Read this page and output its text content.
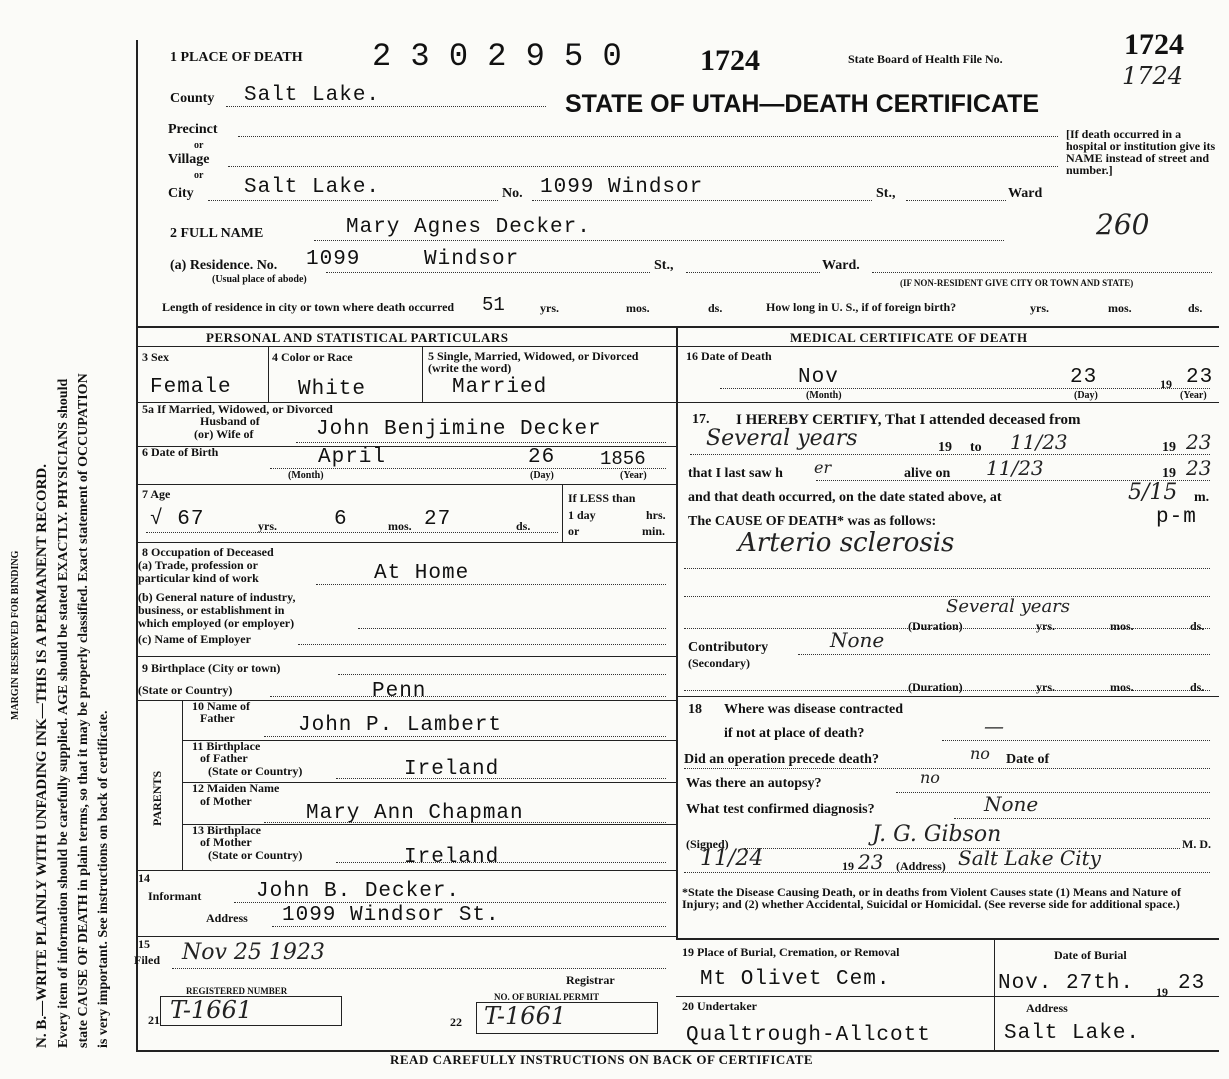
MARGIN RESERVED FOR BINDING N. B.—WRITE PLAINLY WITH UNFADING INK—THIS IS A PERMANENT RECORD. Every item of information should be carefully supplied. AGE should be stated EXACTLY. PHYSICIANS should state CAUSE OF DEATH in plain terms, so that it may be properly classified. Exact statement of OCCUPATION is very important. See instructions on back of certificate.
1 PLACE OF DEATH 2 3 0 2 9 5 0	1724	State Board of Health File No.	1724
1724
STATE OF UTAH—DEATH CERTIFICATE
[If death occurred in a hospital or institution give its NAME instead of street and number.]
260
County Salt Lake.
Precinct
or
Village
or
City Salt Lake.	No. 1099 Windsor	St.,	Ward
2 FULL NAME	Mary Agnes Decker.
(a) Residence. No.
(Usual place of abode)
1099	Windsor	St.,	Ward.
(IF NON-RESIDENT GIVE CITY OR TOWN AND STATE)
Length of residence in city or town where death occurred 51	yrs.	mos.	ds.	How long in U. S., if of foreign birth?	yrs.	mos.	ds.
PERSONAL AND STATISTICAL PARTICULARS
3 Sex	4 Color or Race	5 Single, Married, Widowed, or Divorced (write the word)
Female	White	Married
5a If Married, Widowed, or Divorced
Husband of
(or) Wife of	John Benjimine Decker
6 Date of Birth	April	26 1856
(Month)	(Day)	(Year)
7 Age
√ 67	yrs.	6	mos. 27	ds.
If LESS than
1 day	hrs.
or	min.
8 Occupation of Deceased
(a) Trade, profession or
particular kind of work	At Home
(b) General nature of industry,
business, or establishment in
which employed (or employer)
(c) Name of Employer
9 Birthplace (City or town)
(State or Country)	Penn
PARENTS
10 Name of
Father	John P. Lambert
11 Birthplace
of Father
(State or Country)	Ireland
12 Maiden Name
of Mother
Mary Ann Chapman
13 Birthplace
of Mother
(State or Country)	Ireland
14
Informant	John B. Decker.
Address 1099 Windsor St.
15
Filed Nov 25 1923
Registrar
REGISTERED NUMBER
21 T-1661	NO. OF BURIAL PERMIT
22 T-1661
MEDICAL CERTIFICATE OF DEATH
16 Date of Death
Nov	23	19 23
(Month)	(Day)	(Year)
17. I HEREBY CERTIFY, That I attended deceased from
Several years	19 to 11/23	19 23
that I last saw h er	alive on 11/23	19 23
and that death occurred, on the date stated above, at	5/15 m.
p-m
The CAUSE OF DEATH* was as follows:
Arterio sclerosis
Several years
(Duration)	yrs.	mos.	ds.
Contributory
(Secondary)
None
(Duration)	yrs.	mos.	ds.
18 Where was disease contracted
if not at place of death?	—
Did an operation precede death?	no Date of
Was there an autopsy?	no
What test confirmed diagnosis?	None
(Signed)	J. G. Gibson	M. D.
11/24	19 23 (Address) Salt Lake City
*State the Disease Causing Death, or in deaths from Violent Causes state (1) Means and Nature of Injury; and (2) whether Accidental, Suicidal or Homicidal. (See reverse side for additional space.)
19 Place of Burial, Cremation, or Removal
Mt Olivet Cem.
Date of Burial
Nov. 27th. 19 23
20 Undertaker
Qualtrough-Allcott
Address
Salt Lake.
READ CAREFULLY INSTRUCTIONS ON BACK OF CERTIFICATE
